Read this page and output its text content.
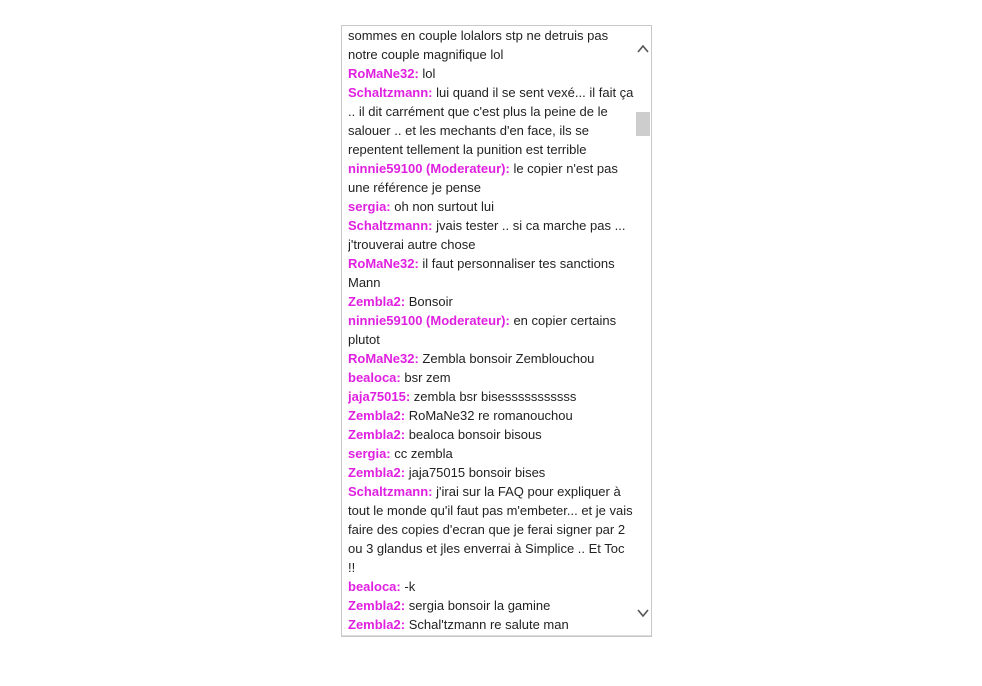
sommes en couple lolalors stp ne detruis pas notre couple magnifique lol
RoMaNe32: lol
Schaltzmann: lui quand il se sent vexé... il fait ça .. il dit carrément que c'est plus la peine de le salouer .. et les mechants d'en face, ils se repentent tellement la punition est terrible
ninnie59100 (Moderateur): le copier n'est pas une référence je pense
sergia: oh non surtout lui
Schaltzmann: jvais tester .. si ca marche pas ... j'trouverai autre chose
RoMaNe32: il faut personnaliser tes sanctions Mann
Zembla2: Bonsoir
ninnie59100 (Moderateur): en copier certains plutot
RoMaNe32: Zembla bonsoir Zemblouchou
bealoca: bsr zem
jaja75015: zembla bsr bisesssssssssss
Zembla2: RoMaNe32 re romanouchou
Zembla2: bealoca bonsoir bisous
sergia: cc zembla
Zembla2: jaja75015 bonsoir bises
Schaltzmann: j'irai sur la FAQ pour expliquer à tout le monde qu'il faut pas m'embeter... et je vais faire des copies d'ecran que je ferai signer par 2 ou 3 glandus et jles enverrai à Simplice .. Et Toc !!
bealoca: -k
Zembla2: sergia bonsoir la gamine
Zembla2: Schal'tzmann re salute man
